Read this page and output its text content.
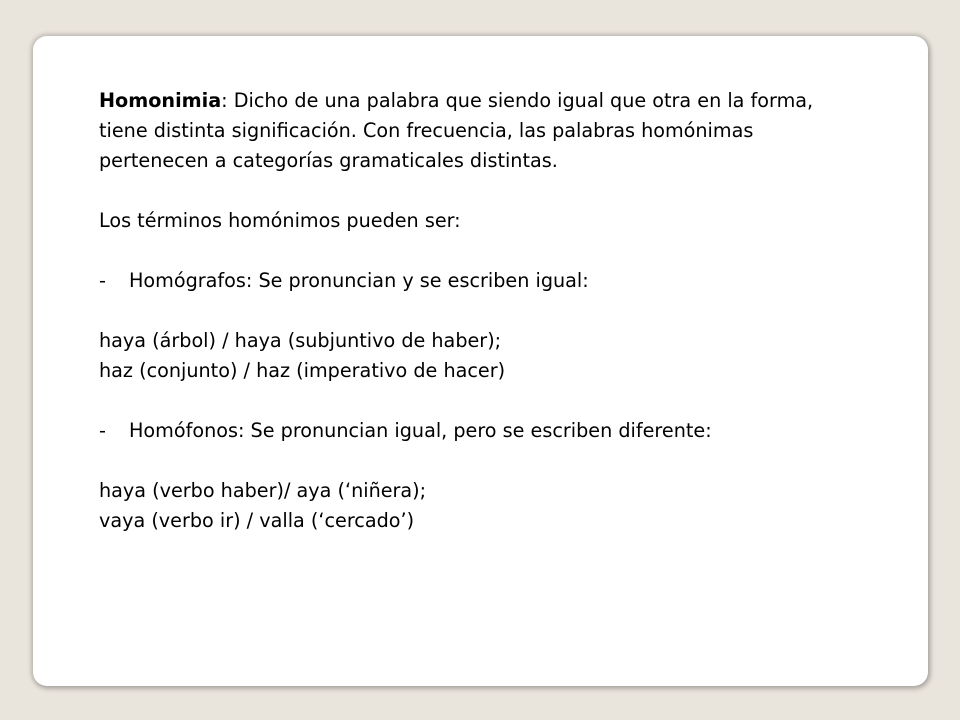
Homonimia: Dicho de una palabra que siendo igual que otra en la forma, tiene distinta significación. Con frecuencia, las palabras homónimas pertenecen a categorías gramaticales distintas.

Los términos homónimos pueden ser:

-	Homógrafos: Se pronuncian y se escriben igual:

haya (árbol) / haya (subjuntivo de haber);

haz (conjunto) / haz (imperativo de hacer)

-	Homófonos: Se pronuncian igual, pero se escriben diferente:

haya (verbo haber)/ aya (‘niñera);

vaya (verbo ir) / valla (‘cercado’)
